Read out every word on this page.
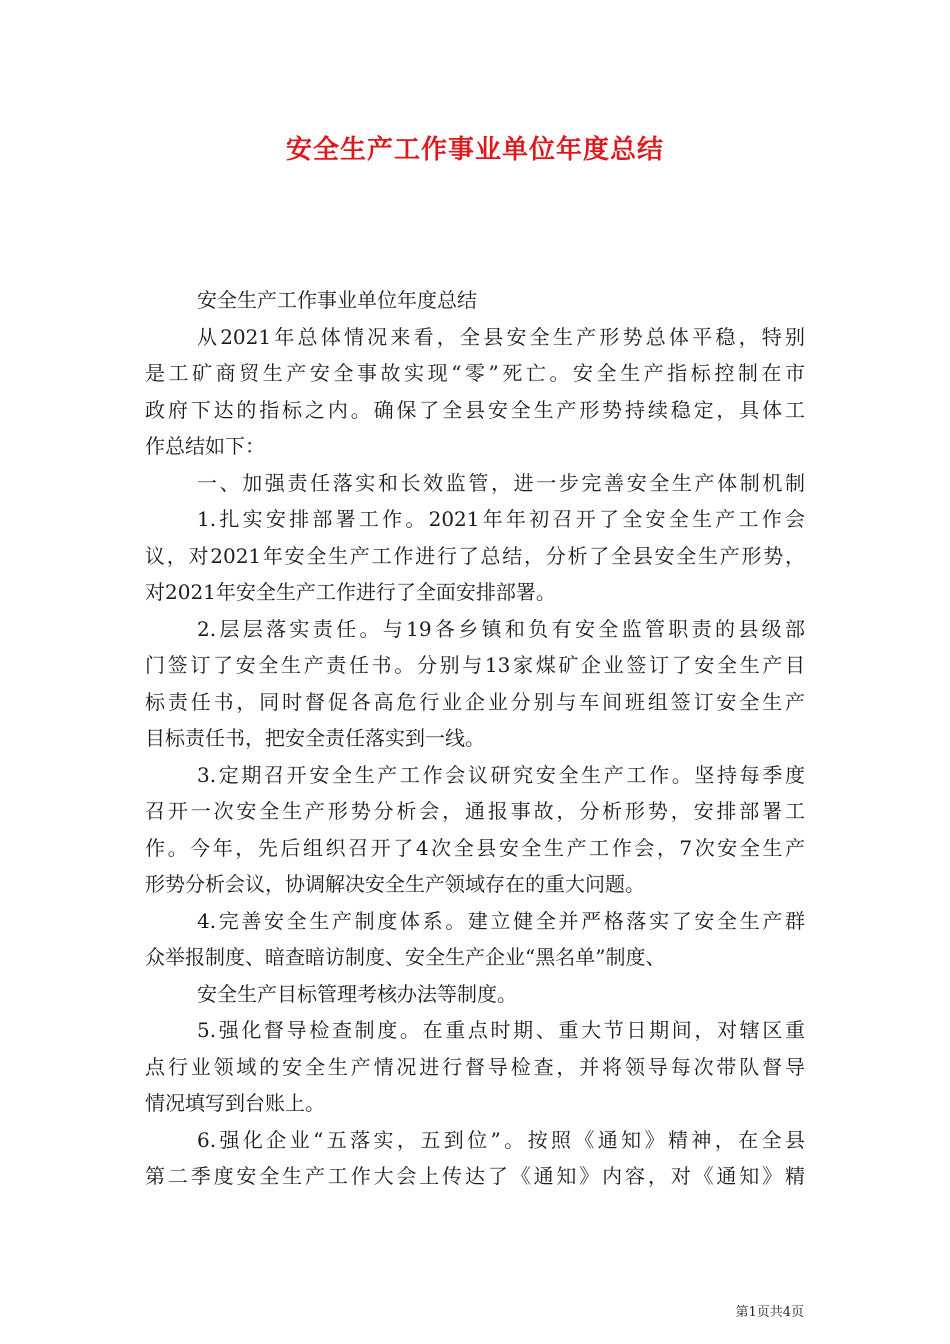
安全生产工作事业单位年度总结

安全生产工作事业单位年度总结

从2021年总体情况来看，全县安全生产形势总体平稳，特别

是工矿商贸生产安全事故实现“零”死亡。安全生产指标控制在市

政府下达的指标之内。确保了全县安全生产形势持续稳定，具体工

作总结如下：

一、加强责任落实和长效监管，进一步完善安全生产体制机制

1.扎实安排部署工作。2021年年初召开了全安全生产工作会

议，对2021年安全生产工作进行了总结，分析了全县安全生产形势，

对2021年安全生产工作进行了全面安排部署。

2.层层落实责任。与19各乡镇和负有安全监管职责的县级部

门签订了安全生产责任书。分别与13家煤矿企业签订了安全生产目

标责任书，同时督促各高危行业企业分别与车间班组签订安全生产

目标责任书，把安全责任落实到一线。

3.定期召开安全生产工作会议研究安全生产工作。坚持每季度

召开一次安全生产形势分析会，通报事故，分析形势，安排部署工

作。今年，先后组织召开了4次全县安全生产工作会，7次安全生产

形势分析会议，协调解决安全生产领域存在的重大问题。

4.完善安全生产制度体系。建立健全并严格落实了安全生产群

众举报制度、暗查暗访制度、安全生产企业“黑名单”制度、

安全生产目标管理考核办法等制度。

5.强化督导检查制度。在重点时期、重大节日期间，对辖区重

点行业领域的安全生产情况进行督导检查，并将领导每次带队督导

情况填写到台账上。

6.强化企业“五落实，五到位”。按照《通知》精神，在全县

第二季度安全生产工作大会上传达了《通知》内容，对《通知》精

第1页共4页
